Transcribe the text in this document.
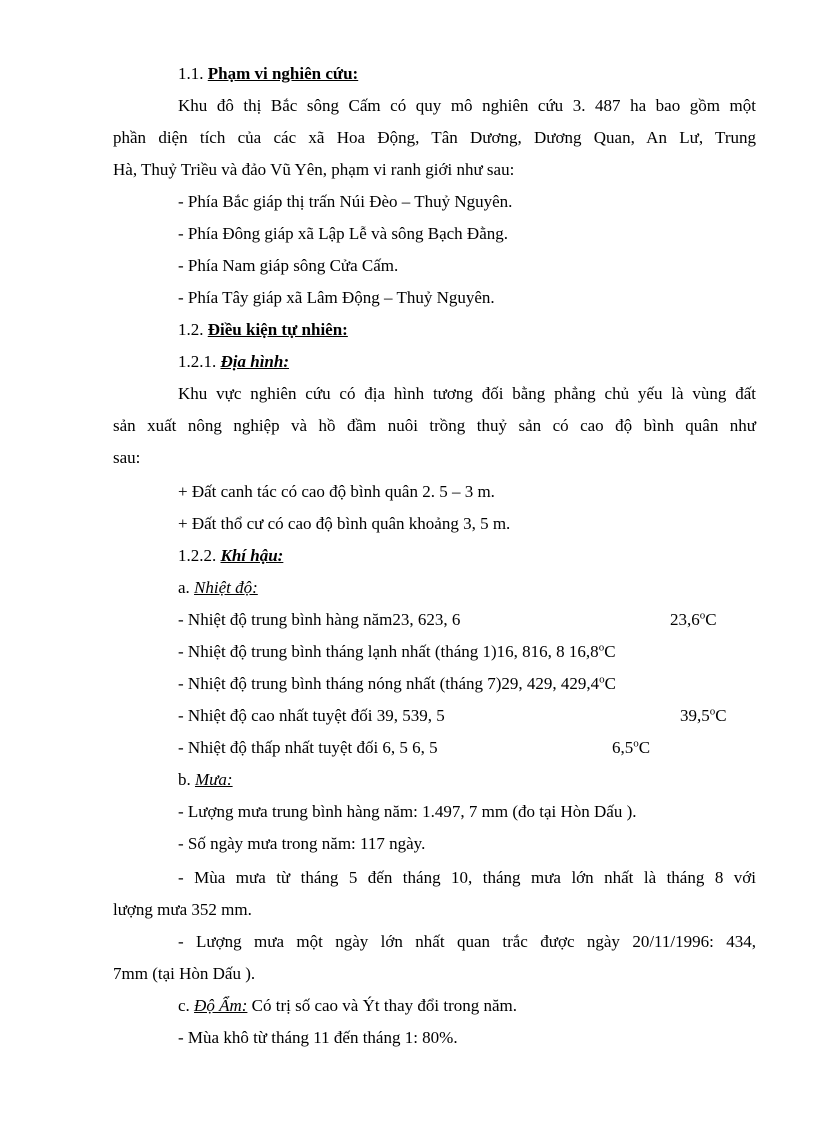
1.1. Phạm vi nghiên cứu:
Khu đô thị Bắc sông Cấm có quy mô nghiên cứu 3. 487 ha bao gồm một
phần diện tích của các xã Hoa Động, Tân Dương, Dương Quan, An Lư, Trung
Hà, Thuỷ Triều và đảo Vũ Yên, phạm vi ranh giới như sau:
- Phía Bắc giáp thị trấn Núi Đèo – Thuỷ Nguyên.
- Phía Đông giáp xã Lập Lễ và sông Bạch Đằng.
- Phía Nam giáp sông Cửa Cấm.
- Phía Tây giáp xã Lâm Động – Thuỷ Nguyên.
1.2. Điều kiện tự nhiên:
1.2.1. Địa hình:
Khu vực nghiên cứu có địa hình tương đối bằng phẳng chủ yếu là vùng đất
sản xuất nông nghiệp và hồ đầm nuôi trồng thuỷ sản có cao độ bình quân như
sau:
+ Đất canh tác có cao độ bình quân 2. 5 – 3 m.
+ Đất thổ cư có cao độ bình quân khoảng 3, 5 m.
1.2.2. Khí hậu:
a. Nhiệt độ:
- Nhiệt độ trung bình hàng năm23, 623, 6	23,6$^o$C
- Nhiệt độ trung bình tháng lạnh nhất (tháng 1)16, 816, 8 16,8$^o$C
- Nhiệt độ trung bình tháng nóng nhất (tháng 7)29, 429, 429,4$^o$C
- Nhiệt độ cao nhất tuyệt đối 39, 539, 5	39,5$^o$C
- Nhiệt độ thấp nhất tuyệt đối 6, 5 6, 5	6,5$^o$C
b. Mưa:
- Lượng mưa trung bình hàng năm: 1.497, 7 mm (đo tại Hòn Dấu ).
- Số ngày mưa trong năm: 117 ngày.
- Mùa mưa từ tháng 5 đến tháng 10, tháng mưa lớn nhất là tháng 8 với
lượng mưa 352 mm.
- Lượng mưa một ngày lớn nhất quan trắc được ngày 20/11/1996: 434,
7mm (tại Hòn Dấu ).
c. Độ Ẩm: Có trị số cao và Ýt thay đổi trong năm.
- Mùa khô từ tháng 11 đến tháng 1: 80%.
